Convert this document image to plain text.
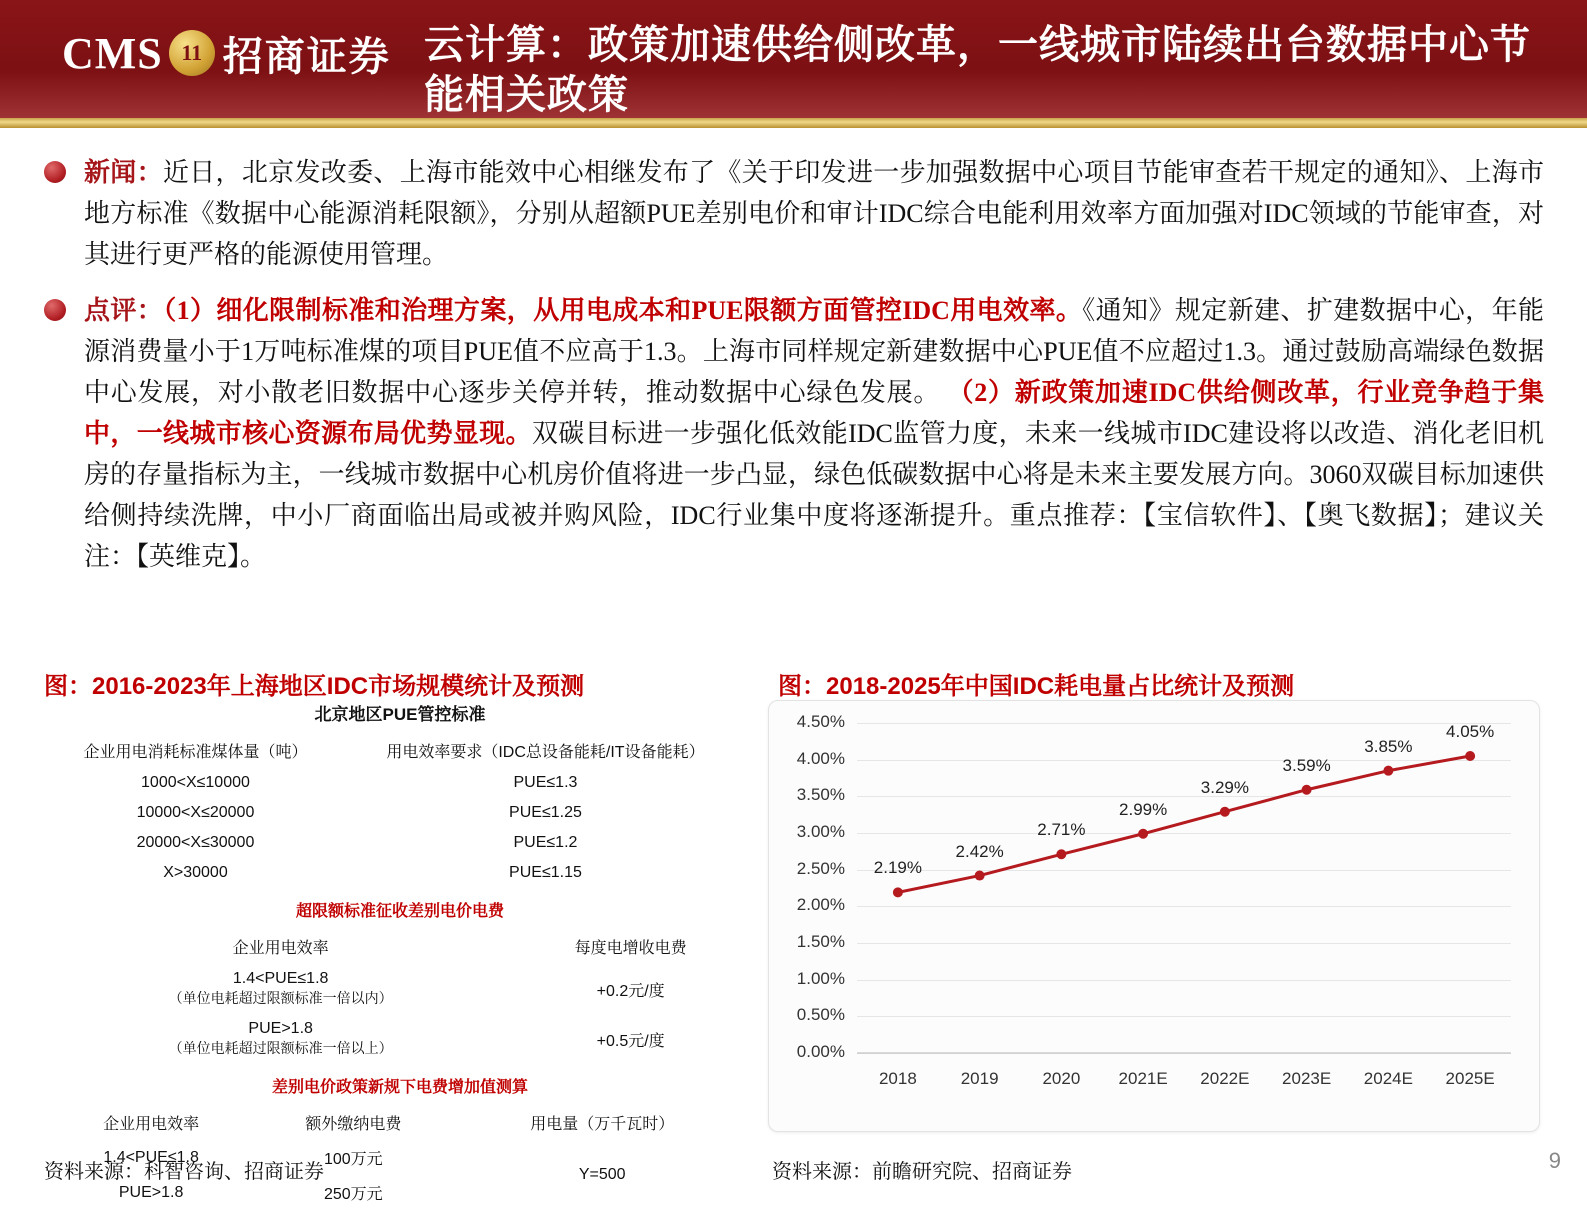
CMS 11 招商证券 云计算：政策加速供给侧改革，一线城市陆续出台数据中心节能相关政策
新闻：近日，北京发改委、上海市能效中心相继发布了《关于印发进一步加强数据中心项目节能审查若干规定的通知》、上海市地方标准《数据中心能源消耗限额》，分别从超额PUE差别电价和审计IDC综合电能利用效率方面加强对IDC领域的节能审查，对其进行更严格的能源使用管理。
点评：（1）细化限制标准和治理方案，从用电成本和PUE限额方面管控IDC用电效率。《通知》规定新建、扩建数据中心，年能源消费量小于1万吨标准煤的项目PUE值不应高于1.3。上海市同样规定新建数据中心PUE值不应超过1.3。通过鼓励高端绿色数据中心发展，对小散老旧数据中心逐步关停并转，推动数据中心绿色发展。 （2）新政策加速IDC供给侧改革，行业竞争趋于集中，一线城市核心资源布局优势显现。双碳目标进一步强化低效能IDC监管力度，未来一线城市IDC建设将以改造、消化老旧机房的存量指标为主，一线城市数据中心机房价值将进一步凸显，绿色低碳数据中心将是未来主要发展方向。3060双碳目标加速供给侧持续洗牌，中小厂商面临出局或被并购风险，IDC行业集中度将逐渐提升。重点推荐：【宝信软件】、【奥飞数据】；建议关注：【英维克】。
图：2016-2023年上海地区IDC市场规模统计及预测	图：2018-2025年中国IDC耗电量占比统计及预测
北京地区PUE管控标准
企业用电消耗标准煤体量（吨）	用电效率要求（IDC总设备能耗/IT设备能耗）
1000<X≤10000	PUE≤1.3
10000<X≤20000	PUE≤1.25
20000<X≤30000	PUE≤1.2
X>30000	PUE≤1.15
超限额标准征收差别电价电费
企业用电效率	每度电增收电费

1.4<PUE≤1.8
（单位电耗超过限额标准一倍以内）	+0.2元/度

PUE>1.8
（单位电耗超过限额标准一倍以上）	+0.5元/度
差别电价政策新规下电费增加值测算
企业用电效率	额外缴纳电费	用电量（万千瓦时）
1.4<PUE≤1.8	100万元	Y=500
PUE>1.8	250万元	
0.00%
0.50%
1.00%
1.50%
2.00%
2.50%
3.00%
3.50%
4.00%
4.50%
2018	2019	2020	2021E	2022E	2023E	2024E	2025E
2.19%
2.42%
2.71%
2.99%
3.29%
3.59%
3.85%
4.05%
资料来源：科智咨询、招商证券	资料来源：前瞻研究院、招商证券	9
